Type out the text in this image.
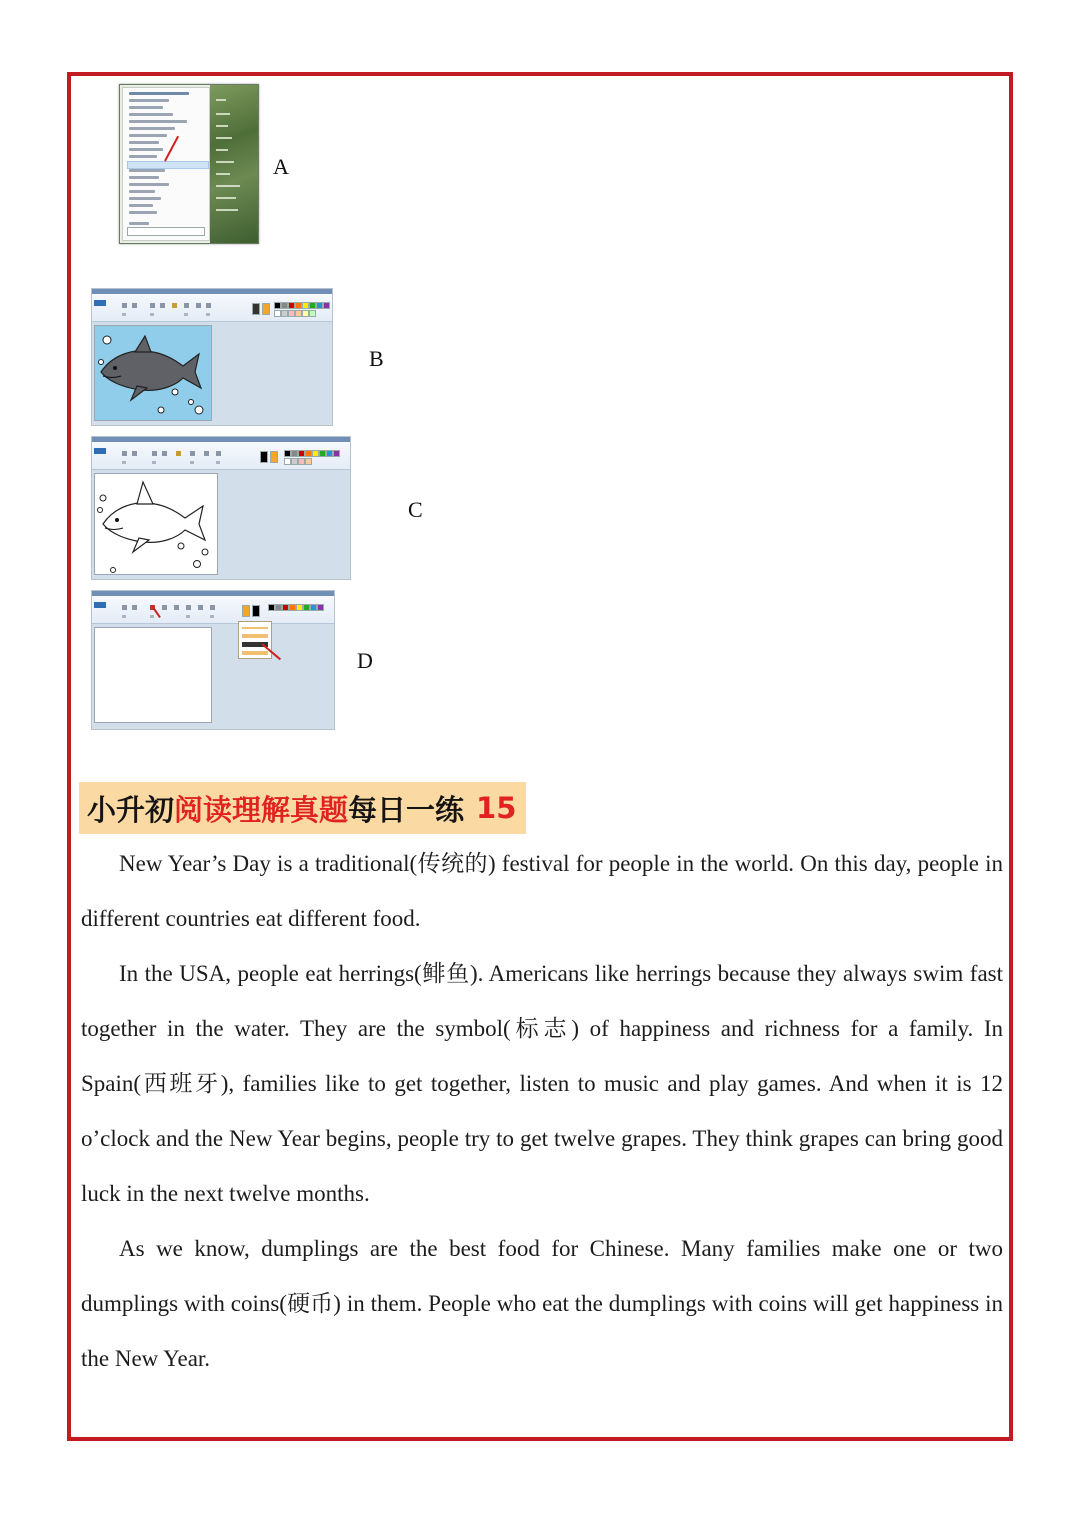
A
B
C
D
小升初 阅读理解真题 每日一练 15

New Year’s Day is a traditional(传统的) festival for people in the world. On this day, people in different countries eat different food.

In the USA, people eat herrings(鲱鱼). Americans like herrings because they always swim fast together in the water. They are the symbol(标志) of happiness and richness for a family. In Spain(西班牙), families like to get together, listen to music and play games. And when it is 12 o’clock and the New Year begins, people try to get twelve grapes. They think grapes can bring good luck in the next twelve months.

As we know, dumplings are the best food for Chinese. Many families make one or two dumplings with coins(硬币) in them. People who eat the dumplings with coins will get happiness in the New Year.
